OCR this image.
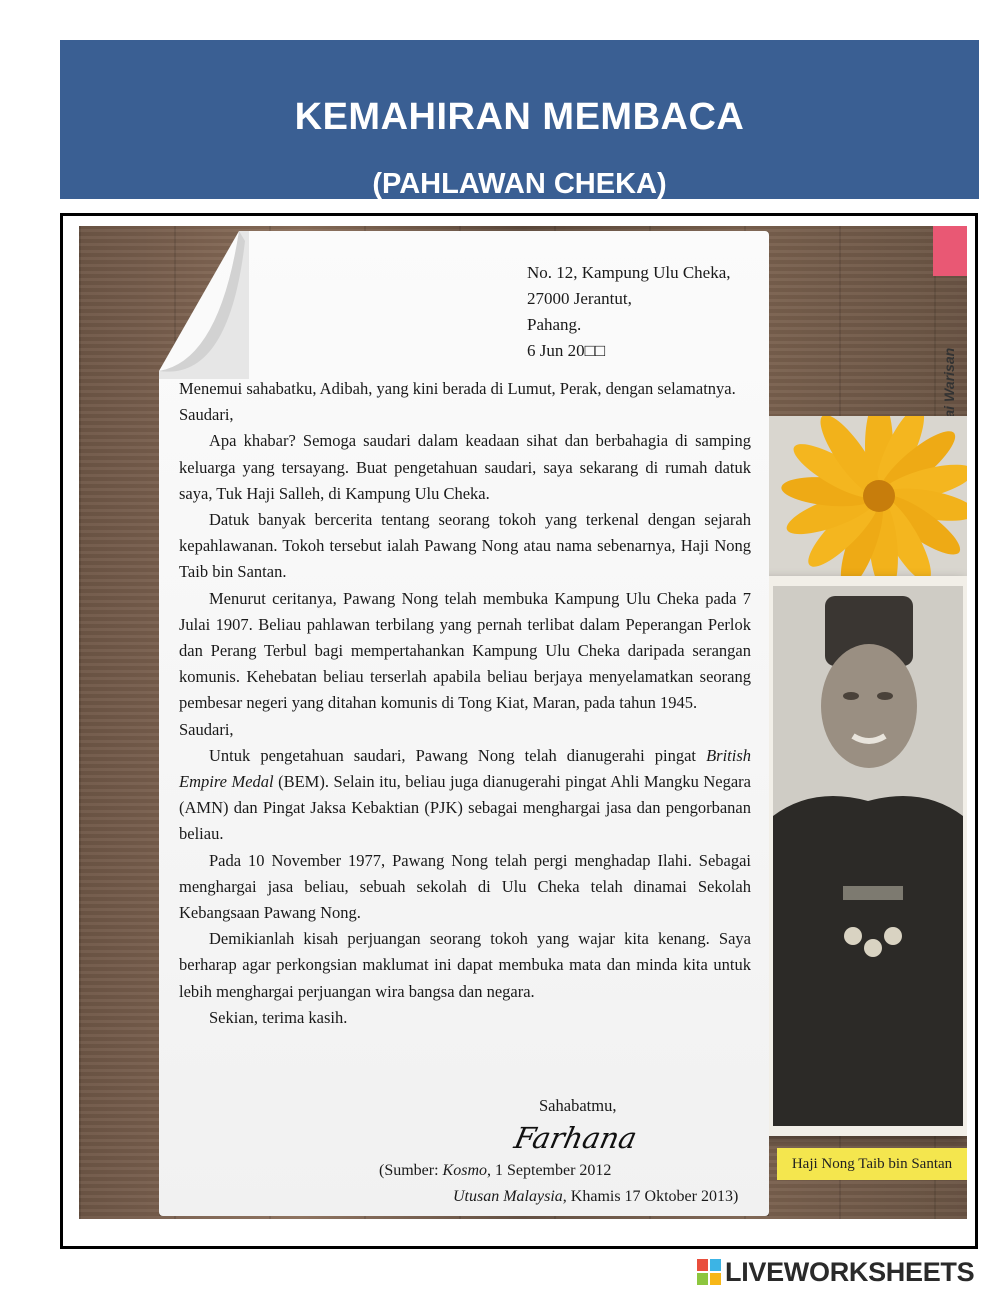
KEMAHIRAN MEMBACA
(PAHLAWAN CHEKA)
Haji Nong Taib bin Santan
No. 12, Kampung Ulu Cheka,
27000 Jerantut,
Pahang.
6 Jun 20□□

Menemui sahabatku, Adibah, yang kini berada di Lumut, Perak, dengan selamatnya.

Saudari,

Apa khabar? Semoga saudari dalam keadaan sihat dan berbahagia di samping keluarga yang tersayang. Buat pengetahuan saudari, saya sekarang di rumah datuk saya, Tuk Haji Salleh, di Kampung Ulu Cheka.

Datuk banyak bercerita tentang seorang tokoh yang terkenal dengan sejarah kepahlawanan. Tokoh tersebut ialah Pawang Nong atau nama sebenarnya, Haji Nong Taib bin Santan.

Menurut ceritanya, Pawang Nong telah membuka Kampung Ulu Cheka pada 7 Julai 1907. Beliau pahlawan terbilang yang pernah terlibat dalam Peperangan Perlok dan Perang Terbul bagi mempertahankan Kampung Ulu Cheka daripada serangan komunis. Kehebatan beliau terserlah apabila beliau berjaya menyelamatkan seorang pembesar negeri yang ditahan komunis di Tong Kiat, Maran, pada tahun 1945.

Saudari,

Untuk pengetahuan saudari, Pawang Nong telah dianugerahi pingat British Empire Medal (BEM). Selain itu, beliau juga dianugerahi pingat Ahli Mangku Negara (AMN) dan Pingat Jaksa Kebaktian (PJK) sebagai menghargai jasa dan pengorbanan beliau.

Pada 10 November 1977, Pawang Nong telah pergi menghadap Ilahi. Sebagai menghargai jasa beliau, sebuah sekolah di Ulu Cheka telah dinamai Sekolah Kebangsaan Pawang Nong.

Demikianlah kisah perjuangan seorang tokoh yang wajar kita kenang. Saya berharap agar perkongsian maklumat ini dapat membuka mata dan minda kita untuk lebih menghargai perjuangan wira bangsa dan negara.

Sekian, terima kasih.

Sahabatmu,
Farhana
(Sumber: Kosmo, 1 September 2012
Utusan Malaysia, Khamis 17 Oktober 2013)
LIVEWORKSHEETS
